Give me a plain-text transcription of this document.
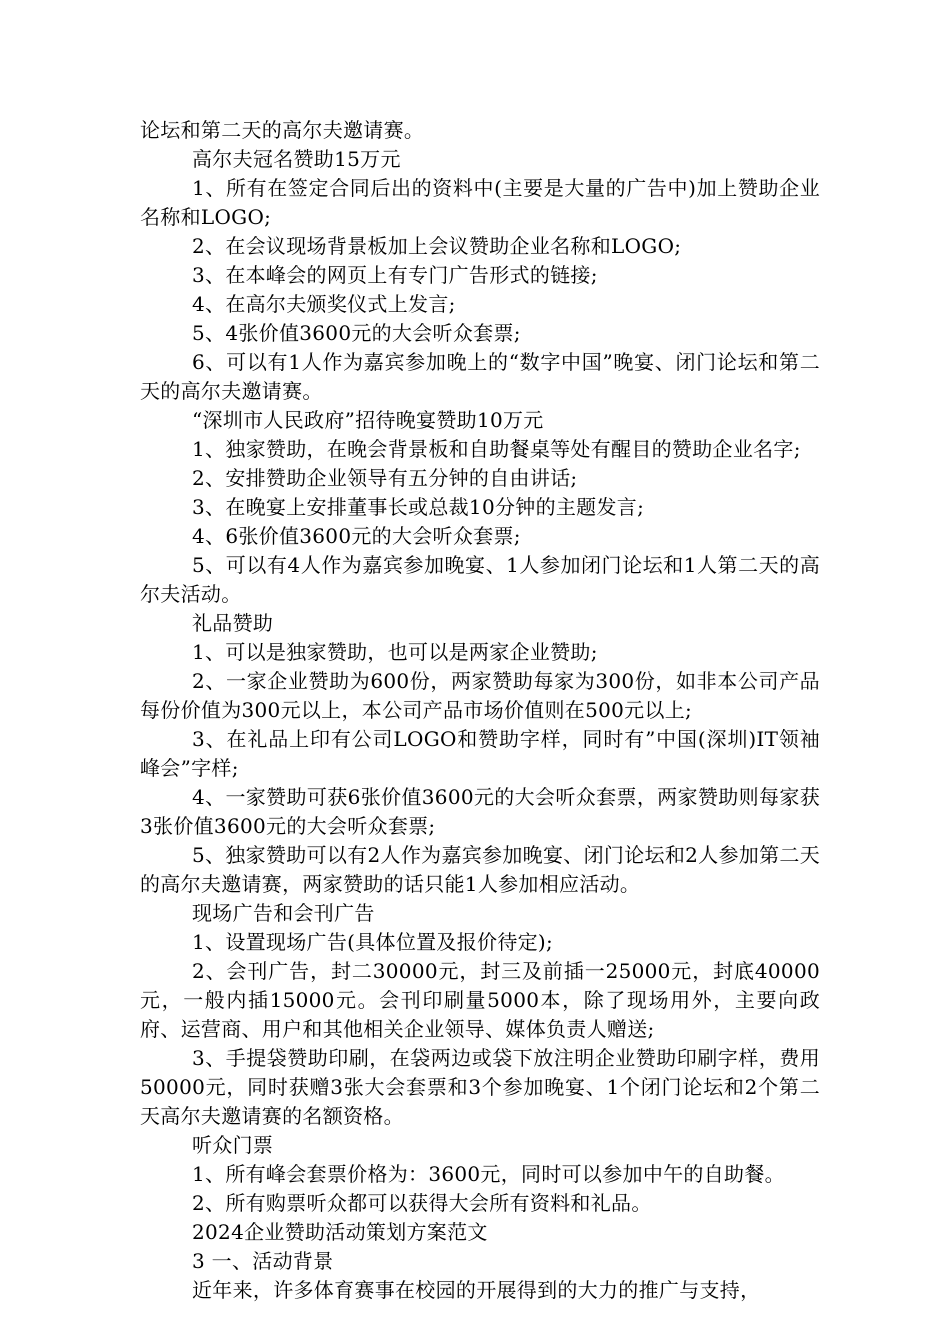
论坛和第二天的高尔夫邀请赛。

高尔夫冠名赞助15万元

1、所有在签定合同后出的资料中(主要是大量的广告中)加上赞助企业名称和LOGO;

2、在会议现场背景板加上会议赞助企业名称和LOGO;

3、在本峰会的网页上有专门广告形式的链接;

4、在高尔夫颁奖仪式上发言;

5、4张价值3600元的大会听众套票;

6、可以有1人作为嘉宾参加晚上的“数字中国”晚宴、闭门论坛和第二天的高尔夫邀请赛。

“深圳市人民政府”招待晚宴赞助10万元

1、独家赞助，在晚会背景板和自助餐桌等处有醒目的赞助企业名字;

2、安排赞助企业领导有五分钟的自由讲话;

3、在晚宴上安排董事长或总裁10分钟的主题发言;

4、6张价值3600元的大会听众套票;

5、可以有4人作为嘉宾参加晚宴、1人参加闭门论坛和1人第二天的高尔夫活动。

礼品赞助

1、可以是独家赞助，也可以是两家企业赞助;

2、一家企业赞助为600份，两家赞助每家为300份，如非本公司产品每份价值为300元以上，本公司产品市场价值则在500元以上;

3、在礼品上印有公司LOGO和赞助字样，同时有”中国(深圳)IT领袖峰会”字样;

4、一家赞助可获6张价值3600元的大会听众套票，两家赞助则每家获3张价值3600元的大会听众套票;

5、独家赞助可以有2人作为嘉宾参加晚宴、闭门论坛和2人参加第二天的高尔夫邀请赛，两家赞助的话只能1人参加相应活动。

现场广告和会刊广告

1、设置现场广告(具体位置及报价待定);

2、会刊广告，封二30000元，封三及前插一25000元，封底40000元，一般内插15000元。会刊印刷量5000本，除了现场用外，主要向政府、运营商、用户和其他相关企业领导、媒体负责人赠送;

3、手提袋赞助印刷，在袋两边或袋下放注明企业赞助印刷字样，费用50000元，同时获赠3张大会套票和3个参加晚宴、1个闭门论坛和2个第二天高尔夫邀请赛的名额资格。

听众门票

1、所有峰会套票价格为：3600元，同时可以参加中午的自助餐。

2、所有购票听众都可以获得大会所有资料和礼品。

2024企业赞助活动策划方案范文

3 一、活动背景

近年来，许多体育赛事在校园的开展得到的大力的推广与支持，
